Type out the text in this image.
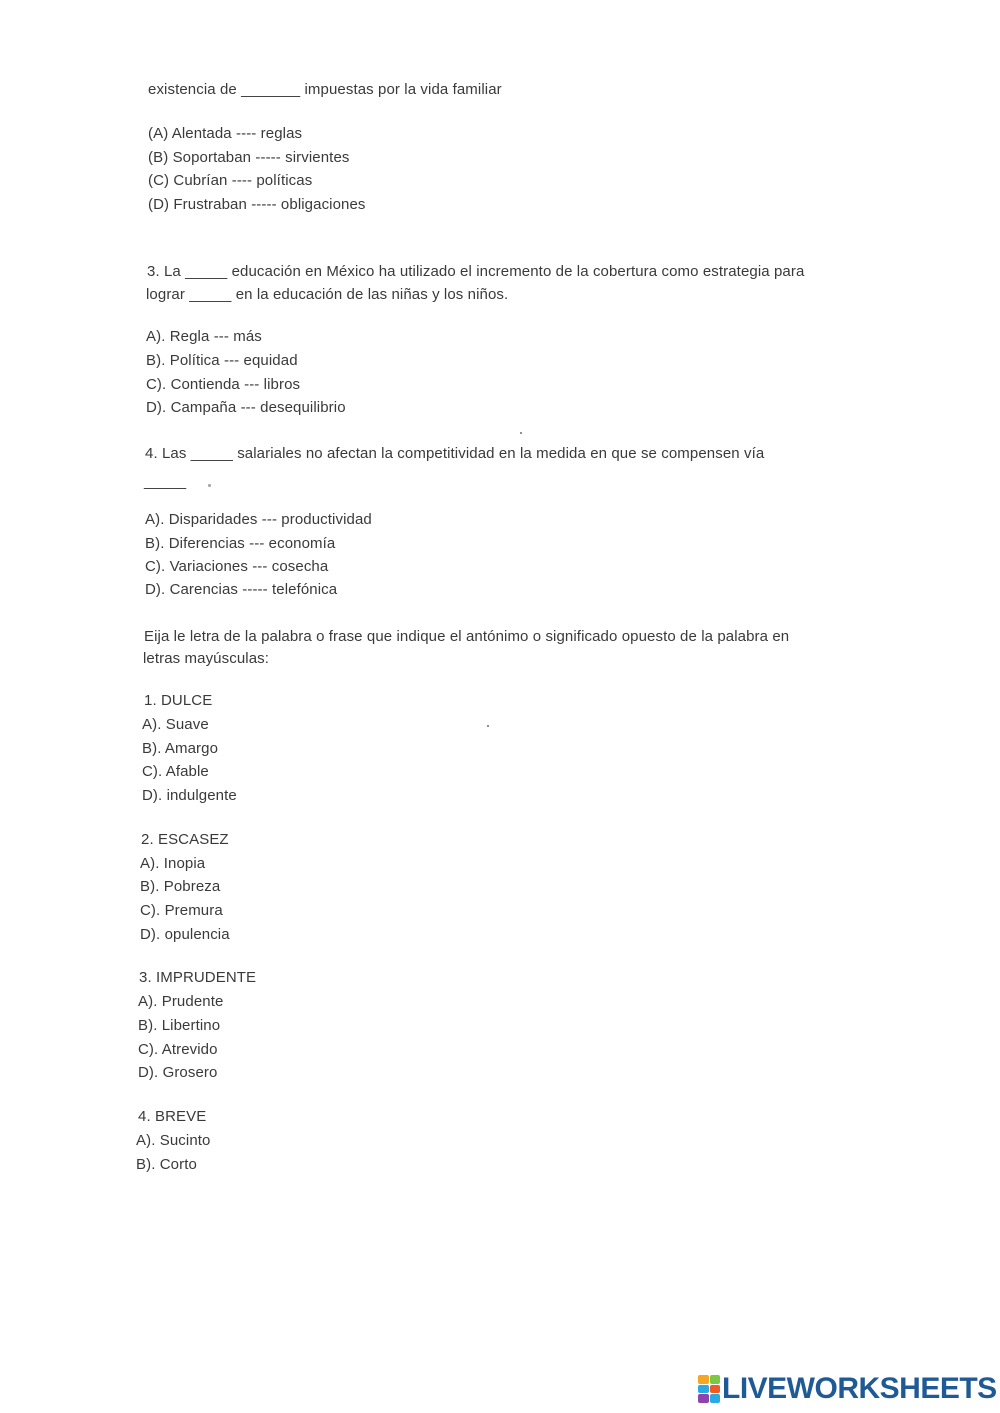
existencia de _______ impuestas por la vida familiar
(A) Alentada ---- reglas
(B) Soportaban ----- sirvientes
(C) Cubrían ---- políticas
(D) Frustraban ----- obligaciones
3. La _____ educación en México ha utilizado el incremento de la cobertura como estrategia para
lograr _____ en la educación de las niñas y los niños.
A). Regla --- más
B). Política --- equidad
C). Contienda --- libros
D). Campaña --- desequilibrio
4. Las _____ salariales no afectan la competitividad en la medida en que se compensen vía
_____
A). Disparidades --- productividad
B). Diferencias --- economía
C). Variaciones --- cosecha
D). Carencias ----- telefónica
Eija le letra de la palabra o frase que indique el antónimo o significado opuesto de la palabra en
letras mayúsculas:
1. DULCE
A). Suave
B). Amargo
C). Afable
D). indulgente
2. ESCASEZ
A). Inopia
B). Pobreza
C). Premura
D). opulencia
3. IMPRUDENTE
A). Prudente
B). Libertino
C). Atrevido
D). Grosero
4. BREVE
A). Sucinto
B). Corto
LIVEWORKSHEETS
